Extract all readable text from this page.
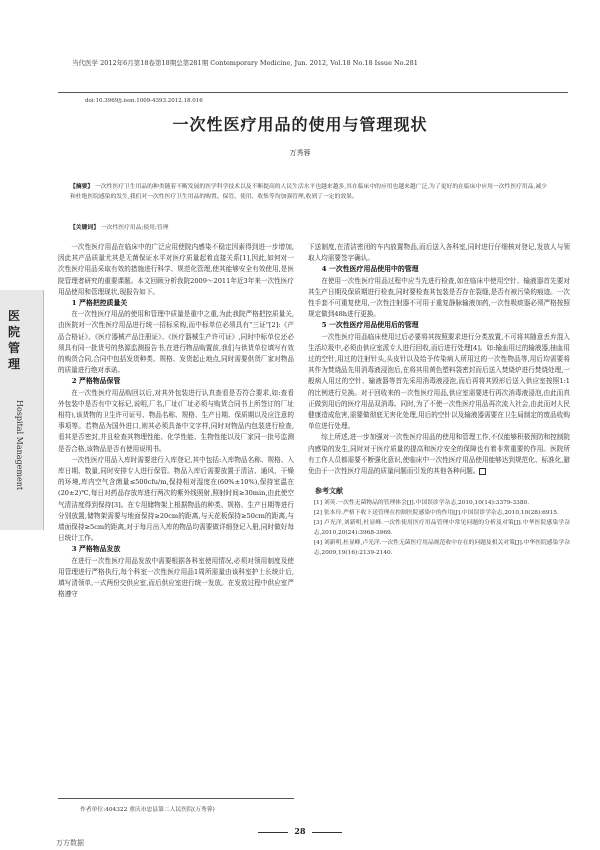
当代医学 2012年6月第18卷第18期总第281期 Contemporary Medicine, Jun. 2012, Vol.18 No.18 Issue No.281
doi:10.3969/j.issn.1009-4393.2012.18.016
一次性医疗用品的使用与管理现状
万秀蓉
【摘要】 一次性医疗卫生用品的种类随着不断发展的医学科学技术以及不断提高的人民生活水平也越来越多,其在临床中的应用也越来越广泛,为了更好的在临床中应用一次性医疗用品,减少和杜绝医院感染的发生,我们对一次性医疗卫生用品的购置、保管、使用、收集等均加强管理,收到了一定的效果。
【关键词】 一次性医疗用品;使用;管理
医院管理
Hospital Management

一次性医疗用品在临床中的广泛应用使院内感染不稳定因素得到进一步增加,因此其产品质量尤其是无菌保证水平对医疗质量起着直接关系[1],因此,如何对一次性医疗用品采取有效的措施进行科学、规范化管理,使其能够安全有效使用,是医院管理者研究的重要课题。本文回顾分析我院2009～2011年近3年来一次性医疗用品使用和管理现状,现报告如下。

1 严格把控质量关

在一次性医疗用品的使用和管理中质量是重中之重,为此我院严格把控质量关,由医院对一次性医疗用品进行统一招标采购,而中标单位必须具有"三证"[2]:《产品合格证》、《医疗器械产品注册证》、《医疗器械生产许可证》,同时中标单位还必须具有同一批货号的热源监测报告书,在进行物品购置前,我们与供货单位填写有效的购货合同,合同中包括发货种类、规格、发货起止地点,同时需要供货厂家对物品的质量进行绝对承诺。

2 严格物品保管

在一次性医疗用品购回以后,对其外包装进行认真查看是否符合要求,如:查看外包装中是否有中文标记,说明,厂名,厂址(厂址必须与购货合同书上所签订的厂址相符),该货物的卫生许可证号、物品名称、规格、生产日期、保质期以及应注意的事项等。若物品为国外进口,则其必须具备中文字样,同时对物品内包装进行检查,看其是否密封,并且检查其物理性能、化学性能、生物性能以及厂家同一批号监测是否合格,该物品是否有使用说明书。

一次性医疗用品入库时需要进行入库登记,其中包括:入库物品名称、规格、入库日期、数量,同时安排专人进行保管。物品入库后需要放置于清洁、通风、干燥的环境,库内空气含菌量≤500cfu/m,保持相对湿度在(60%±10%),保持室温在(20±2)℃,每日对药品存放库进行两次的紫外线照射,照射时间≥30min,由此使空气清洁度得到保持[3]。在专用储物架上根据物品的种类、规格、生产日期等进行分别放置,储物架需要与地面保持≥20cm的距离,与天花板保持≥50cm的距离,与墙面保持≥5cm的距离,对于每月出入库的物品均需要做详细登记入册,同时做好每日统计工作。

3 严格物品发放

在进行一次性医疗用品发放中需要根据各科室使用情况,必须对领用制度及使用管理进行严格执行,每个科室一次性医疗用品1周所需量由该科室护士长统计后,填写清领单,一式两份交供应室,而后供应室进行统一发放。在发放过程中供应室严格遵守

下送制度,在清洁密闭的车内放置物品,而后送入各科室,同时进行仔细核对登记,发放人与领取人均需要签字确认。

4 一次性医疗用品使用中的管理

在使用一次性医疗用品过程中应当先进行检查,如在临床中使用空针、输液器首先要对其生产日期及保质期进行检查,同时要检查其包装是否存在裂缝,是否有被污染的痕迹。一次性手套不可重复使用,一次性注射器不可用于重复静脉输液加药,一次性吸痰器必须严格按照规定做到48h进行更换。

5 一次性医疗用品使用后的管理

一次性医疗用品临床使用过后必要将其按照要求进行分类放置,不可将其随意丢弃混入生活垃圾中,必须由供应室派专人进行回收,而后进行处理[4]。如:输血用过的输液器,抽血用过的空针,用过的注射针头,头皮针以及给予传染病人所用过的一次性物品等,用后均需要将其作为焚烧品先用消毒液浸泡后,在将其用黄色塑料袋密封而后送入焚烧炉进行焚烧处理,一般病人用过的空针、输液器等首先采用消毒液浸泡,而后再将其毁形后送入供应室按照1:1的比例进行兑换。对于回收来的一次性医疗用品,供应室需要进行再次消毒液浸泡,由此而真正做到用后的医疗用品双消毒。同时,为了不使一次性医疗用品再次流入社会,由此而对人民健康造成危害,需要做彻底无害化处理,用后的空针以及输液器需要在卫生局制定的废品收购单位进行处理。

综上所述,进一步加强对一次性医疗用品的使用和管理工作,不仅能够积极预防和控制院内感染的发生,同时对于医疗质量的提高和医疗安全的保障也有着非常重要的作用。医院所有工作人员都需要不断强化意识,使临床中一次性医疗用品使用能够达到规范化、标准化,避免由于一次性医疗用品的质量问题而引发的其他各种问题。

参考文献
[1] 刘英.一次性无菌物品的管理体会[J].中国误诊学杂志,2010,10(14):3379-3380.
[2] 张本玲.严格下收下送管理在控制医院感染中的作用[J].中国误诊学杂志,2010,10(28):6915.
[3] 卢光洋,刘新明,杜显峰.一次性使用医疗用品管理中常见问题的分析及对策[J].中华医院感染学杂志,2010,20(24):3968-3969.
[4] 刘新明,杜显峰,卢光洋.一次性无菌医疗用品规范收中存在的问题及相关对策[J].中华医院感染学杂志,2009,19(16):2139-2140.
作者单位:404322 重庆市忠县第二人民医院(万秀蓉)
28
万方数据
